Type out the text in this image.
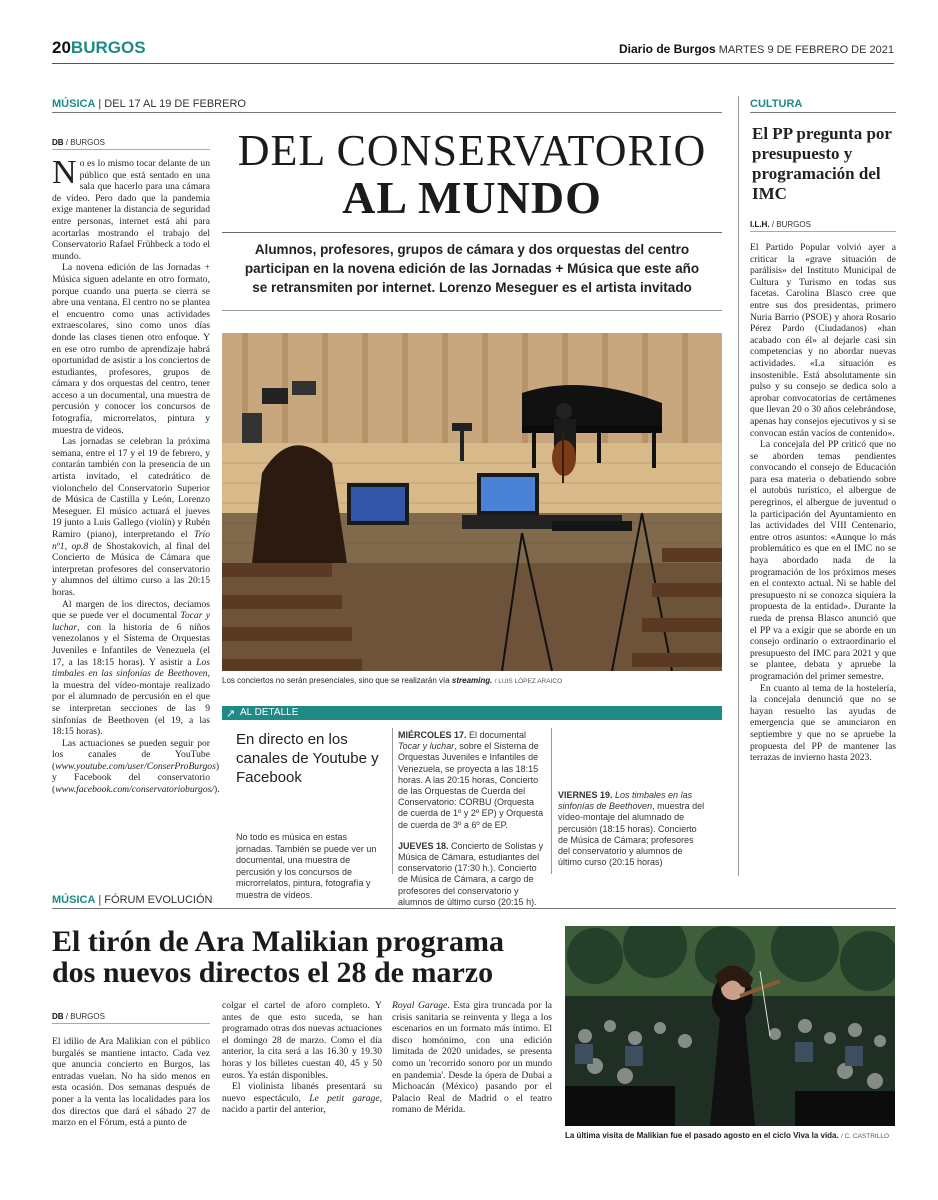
20BURGOS	Diario de Burgos MARTES 9 DE FEBRERO DE 2021
MÚSICA | DEL 17 AL 19 DE FEBRERO
DB / BURGOS

No es lo mismo tocar delante de un público que está sentado en una sala que hacerlo para una cámara de vídeo. Pero dado que la pandemia exige mantener la distancia de seguridad entre personas, internet está ahí para acortarlas mostrando el trabajo del Conservatorio Rafael Frühbeck a todo el mundo.

La novena edición de las Jornadas + Música siguen adelante en otro formato, porque cuando una puerta se cierra se abre una ventana. El centro no se plantea el encuentro como unas actividades extraescolares, sino como unos días donde las clases tienen otro enfoque. Y en ese otro rumbo de aprendizaje habrá oportunidad de asistir a los conciertos de estudiantes, profesores, grupos de cámara y dos orquestas del centro, tener acceso a un documental, una muestra de percusión y conocer los concursos de fotografía, microrrelatos, pintura y muestra de vídeos.

Las jornadas se celebran la próxima semana, entre el 17 y el 19 de febrero, y contarán también con la presencia de un artista invitado, el catedrático de violonchelo del Conservatorio Superior de Música de Castilla y León, Lorenzo Meseguer. El músico actuará el jueves 19 junto a Luis Gallego (violín) y Rubén Ramiro (piano), interpretando el Trío nº1, op.8 de Shostakovich, al final del Concierto de Música de Cámara que interpretan profesores del conservatorio y alumnos del último curso a las 20:15 horas.

Al margen de los directos, decíamos que se puede ver el documental Tocar y luchar, con la historia de 6 niños venezolanos y el Sistema de Orquestas Juveniles e Infantiles de Venezuela (el 17, a las 18:15 horas). Y asistir a Los timbales en las sinfonías de Beethoven, la muestra del vídeo-montaje realizado por el alumnado de percusión en el que se interpretan secciones de las 9 sinfonías de Beethoven (el 19, a las 18:15 horas).

Las actuaciones se pueden seguir por los canales de YouTube (www.youtube.com/user/ConserProBurgos) y Facebook del conservatorio (www.facebook.com/conservatorioburgos/).

DEL CONSERVATORIO
AL MUNDO
Alumnos, profesores, grupos de cámara y dos orquestas del centro
participan en la novena edición de las Jornadas + Música que este año
se retransmiten por internet. Lorenzo Meseguer es el artista invitado
Los conciertos no serán presenciales, sino que se realizarán vía streaming. / LUIS LÓPEZ ARAICO
↗ AL DETALLE
En directo en los canales de Youtube y Facebook
No todo es música en estas jornadas. También se puede ver un documental, una muestra de percusión y los concursos de microrrelatos, pintura, fotografía y muestra de vídeos.

MIÉRCOLES 17. El documental Tocar y luchar, sobre el Sistema de Orquestas Juveniles e Infantiles de Venezuela, se proyecta a las 18:15 horas. A las 20:15 horas, Concierto de las Orquestas de Cuerda del Conservatorio: CORBU (Orquesta de cuerda de 1º y 2º EP) y Orquesta de cuerda de 3º a 6º de EP.

JUEVES 18. Concierto de Solistas y Música de Cámara, estudiantes del conservatorio (17:30 h.). Concierto de Música de Cámara, a cargo de profesores del conservatorio y alumnos de último curso (20:15 h).

VIERNES 19. Los timbales en las sinfonías de Beethoven, muestra del vídeo-montaje del alumnado de percusión (18:15 horas). Concierto de Música de Cámara; profesores del conservatorio y alumnos de último curso (20:15 horas)

CULTURA
El PP pregunta por presupuesto y programación del IMC
I.L.H. / BURGOS

El Partido Popular volvió ayer a criticar la «grave situación de parálisis» del Instituto Municipal de Cultura y Turismo en todas sus facetas. Carolina Blasco cree que entre sus dos presidentas, primero Nuria Barrio (PSOE) y ahora Rosario Pérez Pardo (Ciudadanos) «han acabado con él» al dejarle casi sin competencias y no abordar nuevas actividades. «La situación es insostenible. Está absolutamente sin pulso y su consejo se dedica solo a aprobar convocatorias de certámenes que llevan 20 o 30 años celebrándose, apenas hay consejos ejecutivos y si se convocan están vacíos de contenido».

La concejala del PP criticó que no se aborden temas pendientes convocando el consejo de Educación para esa materia o debatiendo sobre el autobús turístico, el albergue de peregrinos, el albergue de juventud o la participación del Ayuntamiento en las actividades del VIII Centenario, entre otros asuntos: «Aunque lo más problemático es que en el IMC no se haya abordado nada de la programación de los próximos meses en el contexto actual. Ni se hable del presupuesto ni se conozca siquiera la propuesta de la entidad». Durante la rueda de prensa Blasco anunció que el PP va a exigir que se aborde en un consejo ordinario o extraordinario el presupuesto del IMC para 2021 y que se plantee, debata y apruebe la programación del primer semestre.

En cuanto al tema de la hostelería, la concejala denunció que no se hayan resuelto las ayudas de emergencia que se anunciaron en septiembre y que no se apruebe la propuesta del PP de mantener las terrazas de invierno hasta 2023.

MÚSICA | FÓRUM EVOLUCIÓN
El tirón de Ara Malikian programa
dos nuevos directos el 28 de marzo
DB / BURGOS

El idilio de Ara Malikian con el público burgalés se mantiene intacto. Cada vez que anuncia concierto en Burgos, las entradas vuelan. No ha sido menos en esta ocasión. Dos semanas después de poner a la venta las localidades para los dos directos que dará el sábado 27 de marzo en el Fórum, está a punto de

colgar el cartel de aforo completo. Y antes de que esto suceda, se han programado otras dos nuevas actuaciones el domingo 28 de marzo. Como el día anterior, la cita será a las 16.30 y 19.30 horas y los billetes cuestan 40, 45 y 50 euros. Ya están disponibles.

El violinista libanés presentará su nuevo espectáculo, Le petit garage, nacido a partir del anterior,

Royal Garage. Esta gira truncada por la crisis sanitaria se reinventa y llega a los escenarios en un formato más íntimo. El disco homónimo, con una edición limitada de 2020 unidades, se presenta como un 'recorrido sonoro por un mundo en pandemia'. Desde la ópera de Dubai a Michoacán (México) pasando por el Palacio Real de Madrid o el teatro romano de Mérida.

La última visita de Malikian fue el pasado agosto en el ciclo Viva la vida. / C. CASTRILLO
